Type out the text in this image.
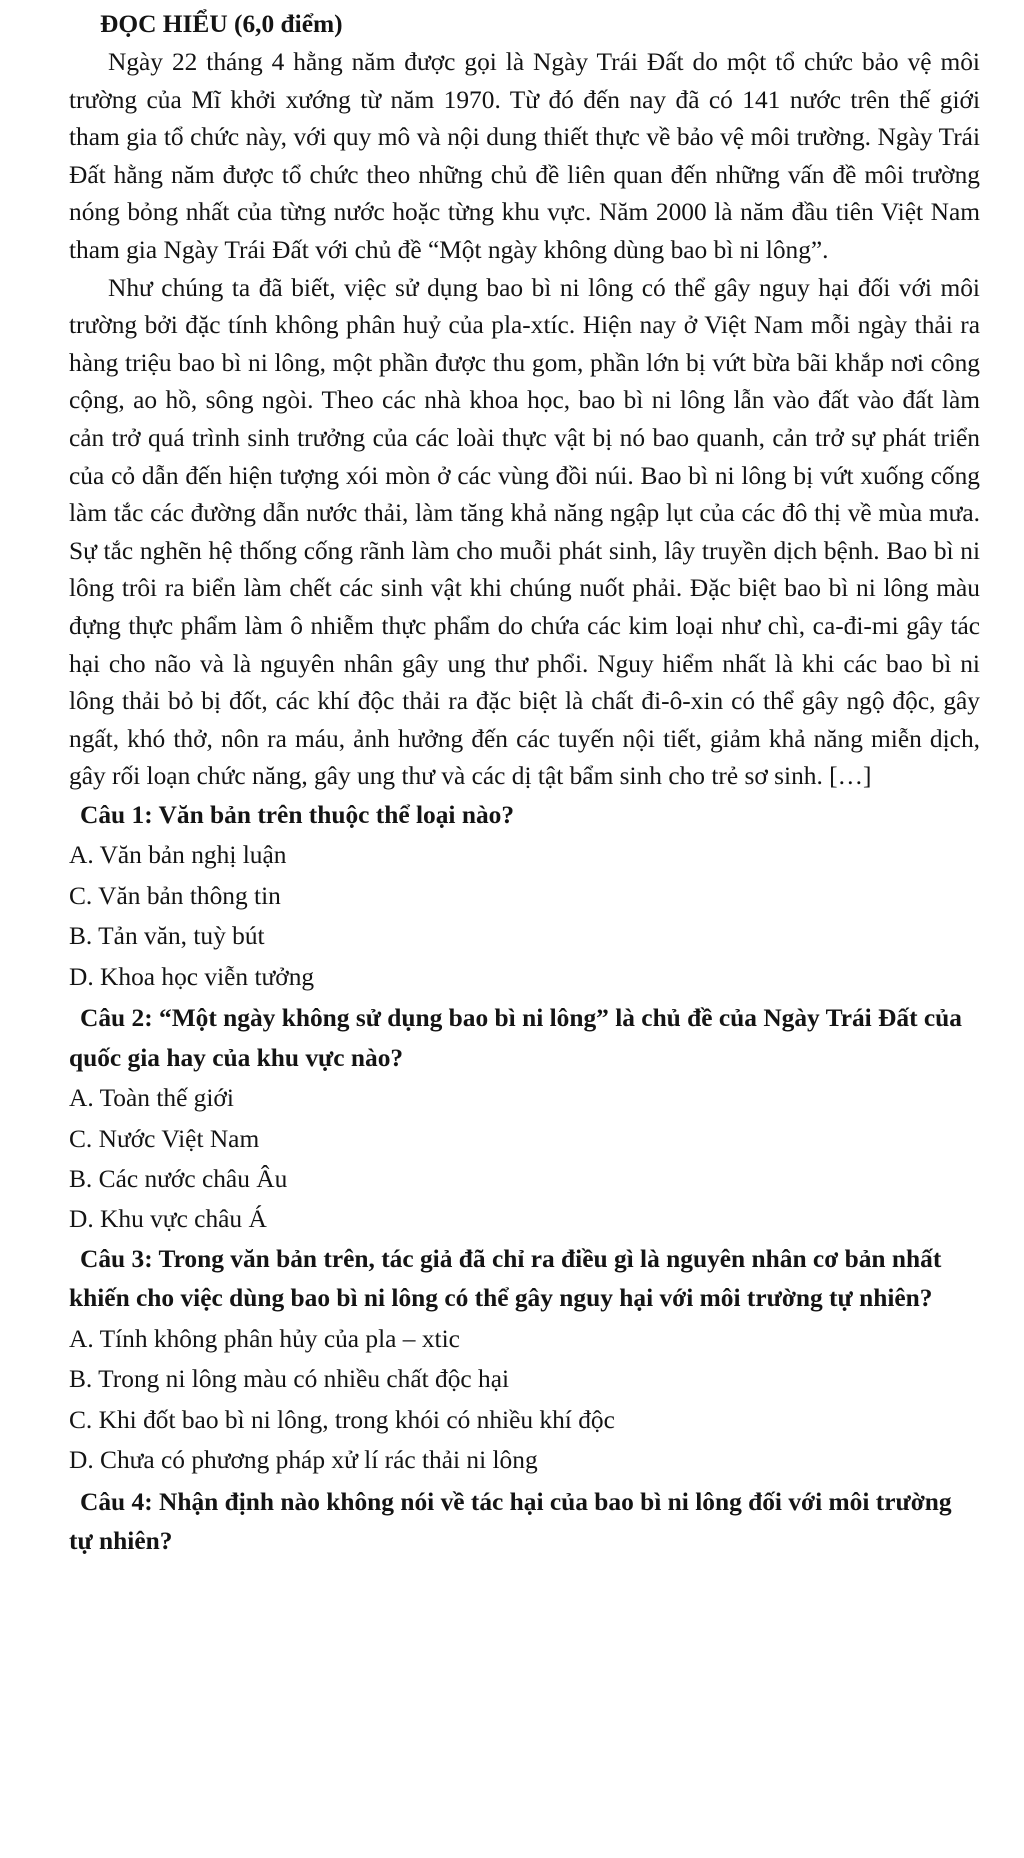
ĐỌC HIỂU (6,0 điểm)

Ngày 22 tháng 4 hằng năm được gọi là Ngày Trái Đất do một tổ chức bảo vệ môi trường của Mĩ khởi xướng từ năm 1970. Từ đó đến nay đã có 141 nước trên thế giới tham gia tổ chức này, với quy mô và nội dung thiết thực về bảo vệ môi trường. Ngày Trái Đất hằng năm được tổ chức theo những chủ đề liên quan đến những vấn đề môi trường nóng bỏng nhất của từng nước hoặc từng khu vực. Năm 2000 là năm đầu tiên Việt Nam tham gia Ngày Trái Đất với chủ đề “Một ngày không dùng bao bì ni lông”.

Như chúng ta đã biết, việc sử dụng bao bì ni lông có thể gây nguy hại đối với môi trường bởi đặc tính không phân huỷ của pla-xtíc. Hiện nay ở Việt Nam mỗi ngày thải ra hàng triệu bao bì ni lông, một phần được thu gom, phần lớn bị vứt bừa bãi khắp nơi công cộng, ao hồ, sông ngòi. Theo các nhà khoa học, bao bì ni lông lẫn vào đất vào đất làm cản trở quá trình sinh trưởng của các loài thực vật bị nó bao quanh, cản trở sự phát triển của cỏ dẫn đến hiện tượng xói mòn ở các vùng đồi núi. Bao bì ni lông bị vứt xuống cống làm tắc các đường dẫn nước thải, làm tăng khả năng ngập lụt của các đô thị về mùa mưa. Sự tắc nghẽn hệ thống cống rãnh làm cho muỗi phát sinh, lây truyền dịch bệnh. Bao bì ni lông trôi ra biển làm chết các sinh vật khi chúng nuốt phải. Đặc biệt bao bì ni lông màu đựng thực phẩm làm ô nhiễm thực phẩm do chứa các kim loại như chì, ca-đi-mi gây tác hại cho não và là nguyên nhân gây ung thư phổi. Nguy hiểm nhất là khi các bao bì ni lông thải bỏ bị đốt, các khí độc thải ra đặc biệt là chất đi-ô-xin có thể gây ngộ độc, gây ngất, khó thở, nôn ra máu, ảnh hưởng đến các tuyến nội tiết, giảm khả năng miễn dịch, gây rối loạn chức năng, gây ung thư và các dị tật bẩm sinh cho trẻ sơ sinh. […]

Câu 1: Văn bản trên thuộc thể loại nào?

A. Văn bản nghị luận
C. Văn bản thông tin
B. Tản văn, tuỳ bút
D. Khoa học viễn tưởng

Câu 2: “Một ngày không sử dụng bao bì ni lông” là chủ đề của Ngày Trái Đất của quốc gia hay của khu vực nào?

A. Toàn thế giới
C. Nước Việt Nam
B. Các nước châu Âu
D. Khu vực châu Á

Câu 3: Trong văn bản trên, tác giả đã chỉ ra điều gì là nguyên nhân cơ bản nhất khiến cho việc dùng bao bì ni lông có thể gây nguy hại với môi trường tự nhiên?

A. Tính không phân hủy của pla – xtic
B. Trong ni lông màu có nhiều chất độc hại
C. Khi đốt bao bì ni lông, trong khói có nhiều khí độc
D. Chưa có phương pháp xử lí rác thải ni lông

Câu 4: Nhận định nào không nói về tác hại của bao bì ni lông đối với môi trường tự nhiên?
